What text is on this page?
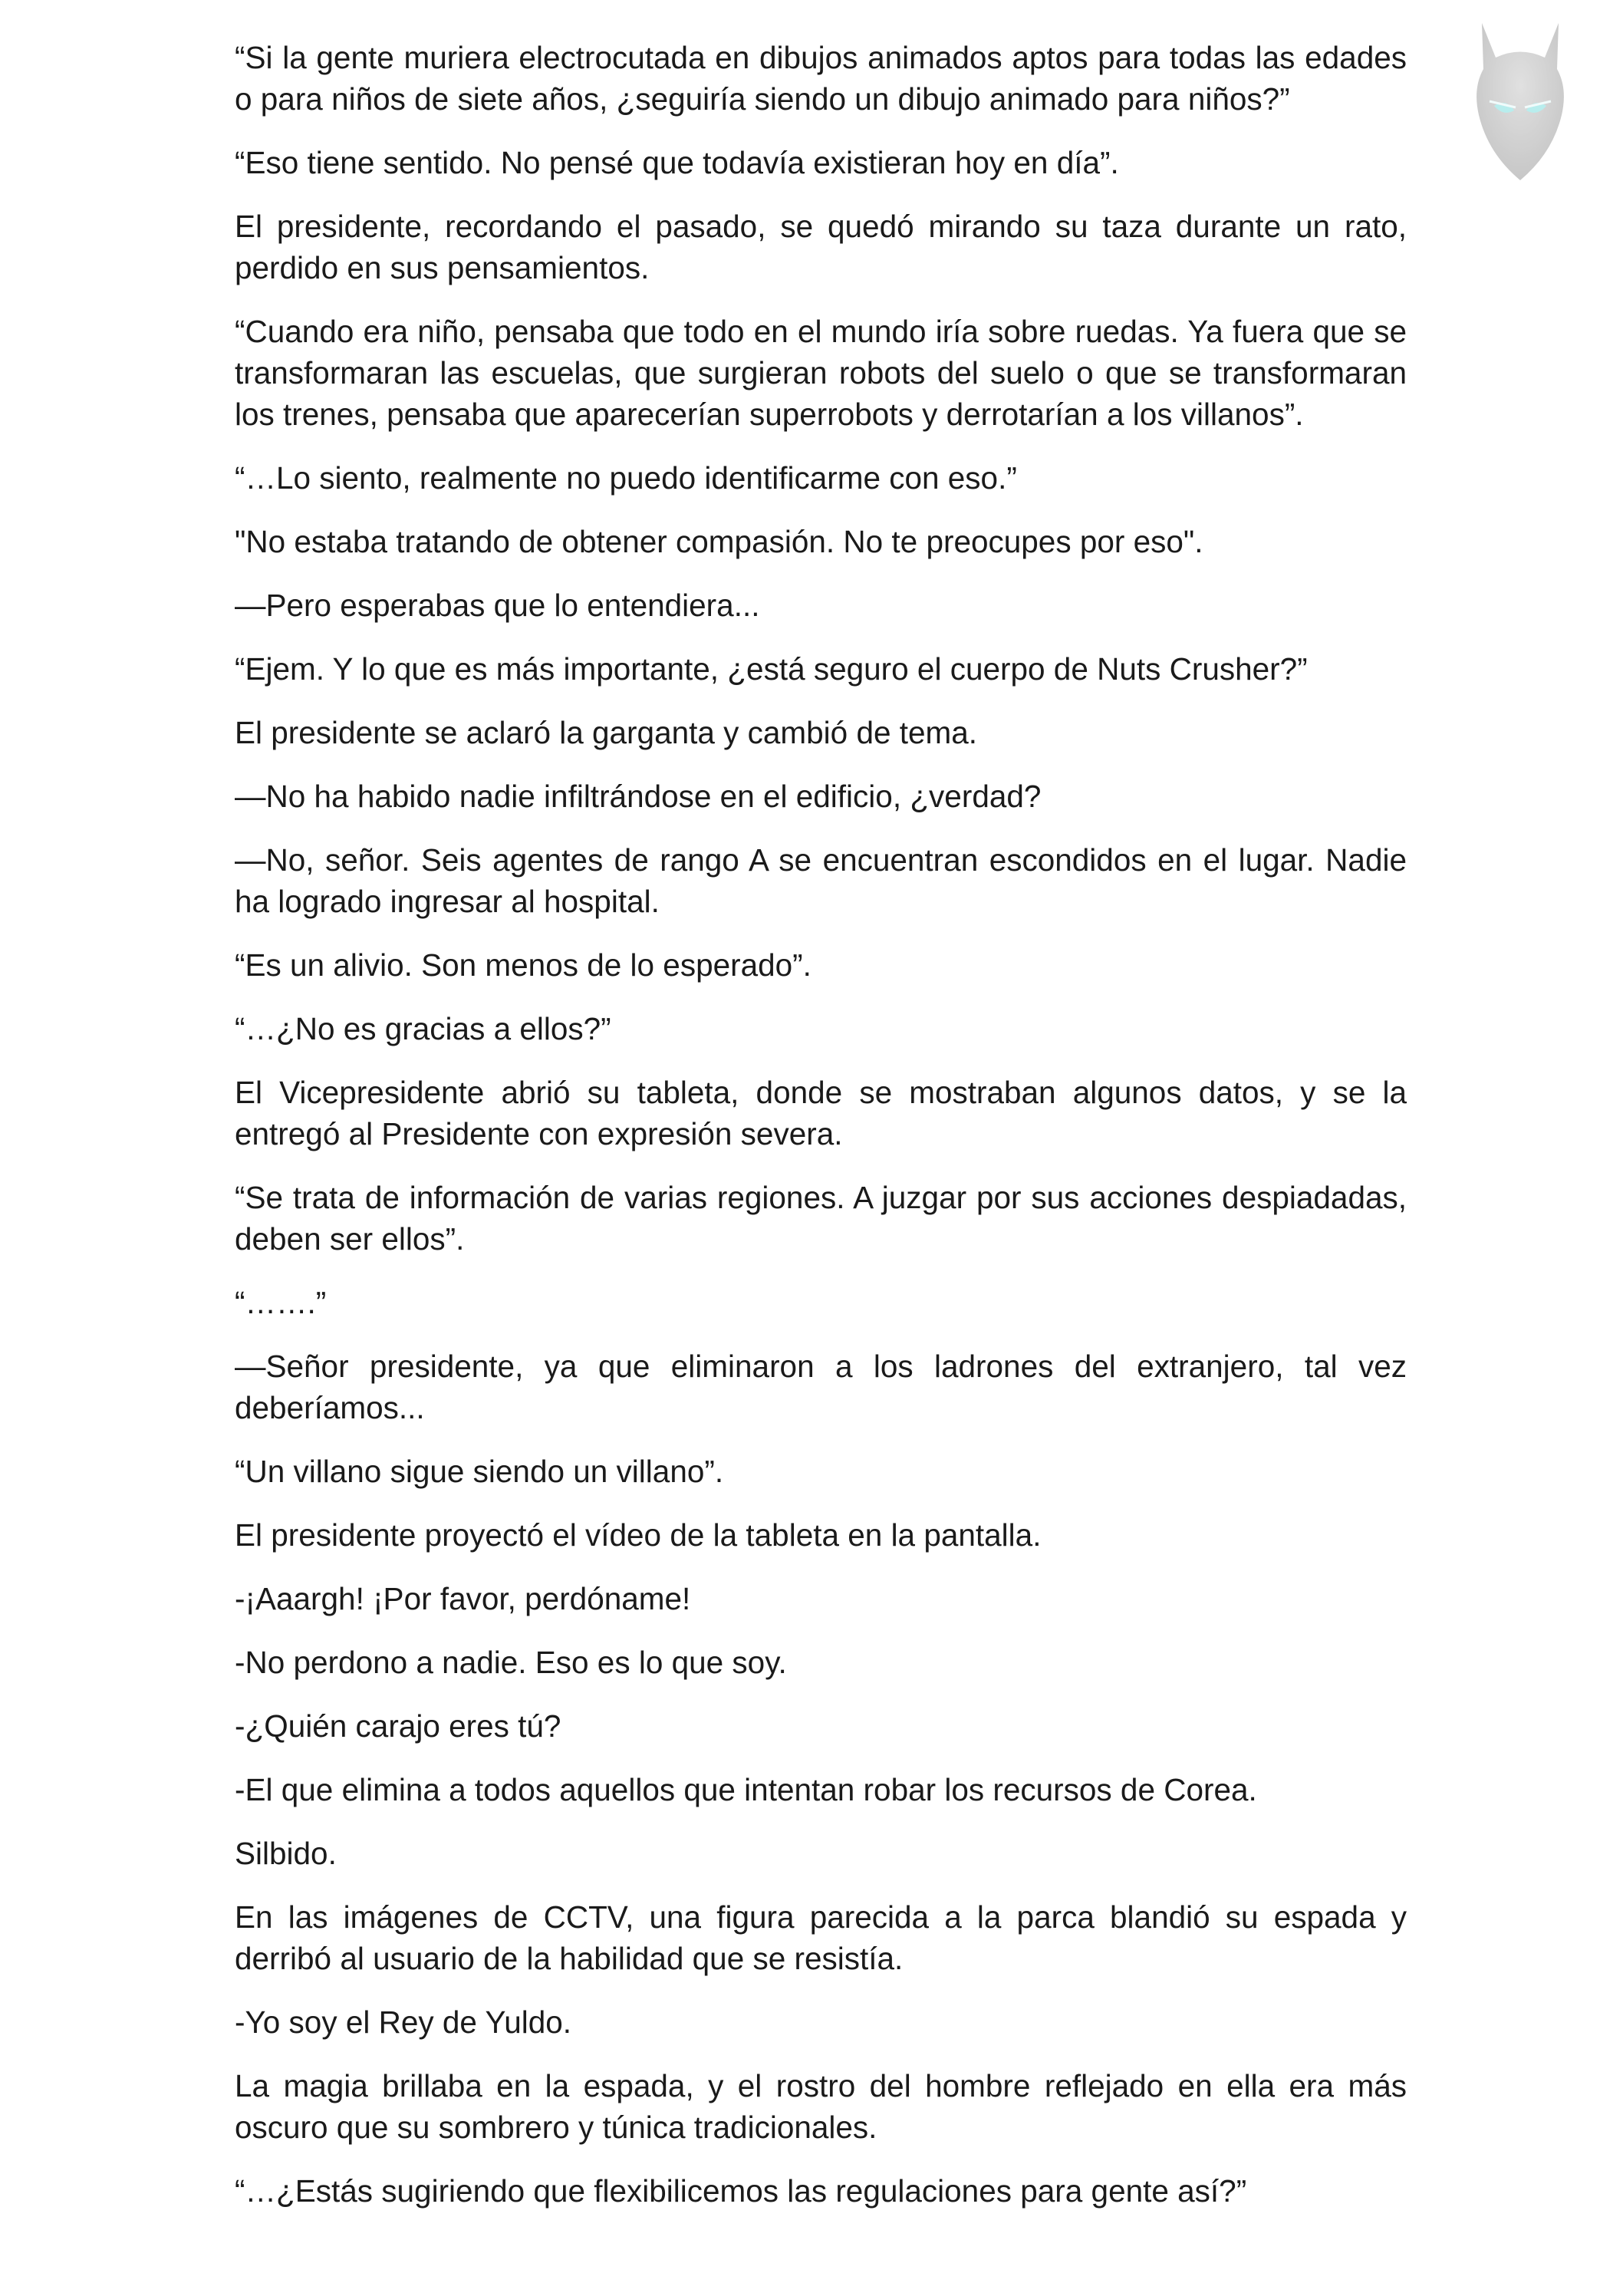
“Si la gente muriera electrocutada en dibujos animados aptos para todas las edades o para niños de siete años, ¿seguiría siendo un dibujo animado para niños?”

“Eso tiene sentido. No pensé que todavía existieran hoy en día”.

El presidente, recordando el pasado, se quedó mirando su taza durante un rato, perdido en sus pensamientos.

“Cuando era niño, pensaba que todo en el mundo iría sobre ruedas. Ya fuera que se transformaran las escuelas, que surgieran robots del suelo o que se transformaran los trenes, pensaba que aparecerían superrobots y derrotarían a los villanos”.

“…Lo siento, realmente no puedo identificarme con eso.”

"No estaba tratando de obtener compasión. No te preocupes por eso".

—Pero esperabas que lo entendiera...

“Ejem. Y lo que es más importante, ¿está seguro el cuerpo de Nuts Crusher?”

El presidente se aclaró la garganta y cambió de tema.

—No ha habido nadie infiltrándose en el edificio, ¿verdad?

—No, señor. Seis agentes de rango A se encuentran escondidos en el lugar. Nadie ha logrado ingresar al hospital.

“Es un alivio. Son menos de lo esperado”.

“…¿No es gracias a ellos?”

El Vicepresidente abrió su tableta, donde se mostraban algunos datos, y se la entregó al Presidente con expresión severa.

“Se trata de información de varias regiones. A juzgar por sus acciones despiadadas, deben ser ellos”.

“…….”

—Señor presidente, ya que eliminaron a los ladrones del extranjero, tal vez deberíamos...

“Un villano sigue siendo un villano”.

El presidente proyectó el vídeo de la tableta en la pantalla.

-¡Aaargh! ¡Por favor, perdóname!

-No perdono a nadie. Eso es lo que soy.

-¿Quién carajo eres tú?

-El que elimina a todos aquellos que intentan robar los recursos de Corea.

Silbido.

En las imágenes de CCTV, una figura parecida a la parca blandió su espada y derribó al usuario de la habilidad que se resistía.

-Yo soy el Rey de Yuldo.

La magia brillaba en la espada, y el rostro del hombre reflejado en ella era más oscuro que su sombrero y túnica tradicionales.

“…¿Estás sugiriendo que flexibilicemos las regulaciones para gente así?”
